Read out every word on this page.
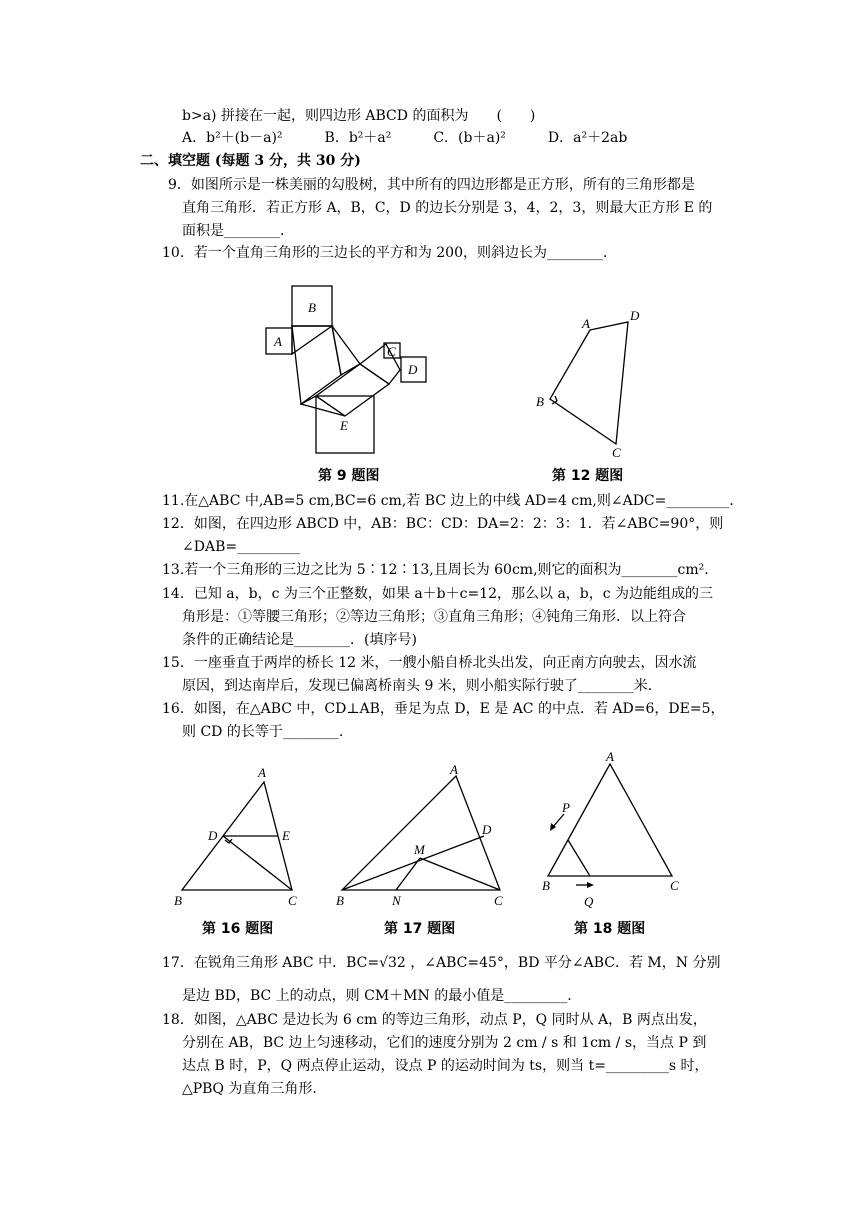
b>a) 拼接在一起，则四边形 ABCD 的面积为　　(　　)
A．b²＋(b－a)²　　　B．b²＋a²　　　C．(b＋a)²　　　D．a²＋2ab
二、填空题 (每题 3 分，共 30 分)
9．如图所示是一株美丽的勾股树，其中所有的四边形都是正方形，所有的三角形都是
直角三角形．若正方形 A，B，C，D 的边长分别是 3，4，2，3，则最大正方形 E 的
面积是________．
10．若一个直角三角形的三边长的平方和为 200，则斜边长为________．
B
A
C
D
E
第 9 题图
A
D
B
C
第 12 题图
11.在△ABC 中,AB=5 cm,BC=6 cm,若 BC 边上的中线 AD=4 cm,则∠ADC=_________．
12．如图，在四边形 ABCD 中，AB：BC：CD：DA=2：2：3：1．若∠ABC=90°，则
∠DAB=_________
13.若一个三角形的三边之比为 5∶12∶13,且周长为 60cm,则它的面积为________cm².
14．已知 a，b，c 为三个正整数，如果 a＋b＋c=12，那么以 a，b，c 为边能组成的三
角形是：①等腰三角形；②等边三角形；③直角三角形；④钝角三角形．以上符合
条件的正确结论是________．(填序号)
15．一座垂直于两岸的桥长 12 米，一艘小船自桥北头出发，向正南方向驶去，因水流
原因，到达南岸后，发现已偏离桥南头 9 米，则小船实际行驶了________米．
16．如图，在△ABC 中，CD⊥AB，垂足为点 D，E 是 AC 的中点．若 AD=6，DE=5，
则 CD 的长等于________.
A
D	E
B	C
第 16 题图
A
D
M
B	N	C
第 17 题图
A
P
B
Q
C
第 18 题图
17．在锐角三角形 ABC 中．BC=√32 ，∠ABC=45°，BD 平分∠ABC．若 M，N 分别
是边 BD，BC 上的动点，则 CM＋MN 的最小值是_________.
18．如图，△ABC 是边长为 6 cm 的等边三角形，动点 P，Q 同时从 A，B 两点出发，
分别在 AB，BC 边上匀速移动，它们的速度分别为 2 cm / s 和 1cm / s，当点 P 到
达点 B 时，P，Q 两点停止运动，设点 P 的运动时间为 ts，则当 t=_________s 时，
△PBQ 为直角三角形.
